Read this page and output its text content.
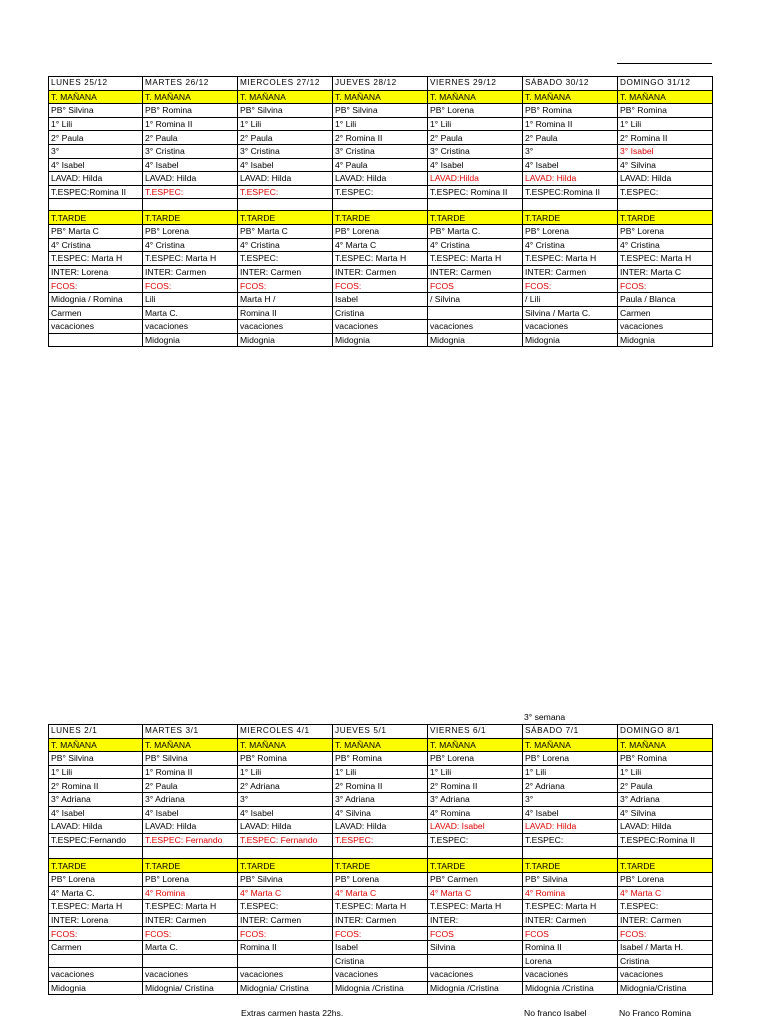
LUNES 25/12	MARTES 26/12	MIERCOLES 27/12	JUEVES 28/12	VIERNES 29/12	SÁBADO 30/12	DOMINGO 31/12
T. MAÑANA	T. MAÑANA	T. MAÑANA	T. MAÑANA	T. MAÑANA	T. MAÑANA	T. MAÑANA
PB° Silvina	PB° Romina	PB° Silvina	PB° Silvina	PB° Lorena	PB° Romina	PB° Romina
1° Lili	1° Romina II	1° Lili	1° Lili	1° Lili	1° Romina II	1° Lili
2° Paula	2° Paula	2° Paula	2° Romina II	2° Paula	2° Paula	2° Romina II
3°	3° Cristina	3° Cristina	3° Cristina	3° Cristina	3°	3° Isabel
4° Isabel	4° Isabel	4° Isabel	4° Paula	4° Isabel	4° Isabel	4° Silvina
LAVAD: Hilda	LAVAD: Hilda	LAVAD: Hilda	LAVAD: Hilda	LAVAD:Hilda	LAVAD: Hilda	LAVAD: Hilda
T.ESPEC:Romina II	T.ESPEC:	T.ESPEC:	T.ESPEC:	T.ESPEC: Romina II	T.ESPEC:Romina II	T.ESPEC:

T.TARDE	T.TARDE	T.TARDE	T.TARDE	T.TARDE	T.TARDE	T.TARDE
PB° Marta C	PB° Lorena	PB° Marta C	PB° Lorena	PB° Marta C.	PB° Lorena	PB° Lorena
4° Cristina	4° Cristina	4° Cristina	4° Marta C	4° Cristina	4° Cristina	4° Cristina
T.ESPEC: Marta H	T.ESPEC: Marta H	T.ESPEC:	T.ESPEC: Marta H	T.ESPEC: Marta H	T.ESPEC: Marta H	T.ESPEC: Marta H
INTER: Lorena	INTER: Carmen	INTER: Carmen	INTER: Carmen	INTER: Carmen	INTER: Carmen	INTER: Marta C
FCOS:	FCOS:	FCOS:	FCOS:	FCOS	FCOS:	FCOS:
Midognia / Romina	Lili	Marta H /	Isabel	/ Silvina	/ Lili	Paula / Blanca
Carmen	Marta C.	Romina II	Cristina		Silvina / Marta C.	Carmen
vacaciones	vacaciones	vacaciones	vacaciones	vacaciones	vacaciones	vacaciones
	Midognia	Midognia	Midognia	Midognia	Midognia	Midognia
3° semana
LUNES 2/1	MARTES 3/1	MIERCOLES 4/1	JUEVES 5/1	VIERNES 6/1	SÁBADO 7/1	DOMINGO 8/1
T. MAÑANA	T. MAÑANA	T. MAÑANA	T. MAÑANA	T. MAÑANA	T. MAÑANA	T. MAÑANA
PB° Silvina	PB° Silvina	PB° Romina	PB° Romina	PB° Lorena	PB° Lorena	PB° Romina
1° Lili	1° Romina II	1° Lili	1° Lili	1° Lili	1° Lili	1° Lili
2° Romina II	2° Paula	2° Adriana	2° Romina II	2° Romina II	2° Adriana	2° Paula
3° Adriana	3° Adriana	3°	3° Adriana	3° Adriana	3°	3° Adriana
4° Isabel	4° Isabel	4° Isabel	4° Silvina	4° Romina	4° Isabel	4° Silvina
LAVAD: Hilda	LAVAD: Hilda	LAVAD: Hilda	LAVAD: Hilda	LAVAD: Isabel	LAVAD: Hilda	LAVAD: Hilda
T.ESPEC:Fernando	T.ESPEC: Fernando	T.ESPEC: Fernando	T.ESPEC:	T.ESPEC:	T.ESPEC:	T.ESPEC:Romina II

T.TARDE	T.TARDE	T.TARDE	T.TARDE	T.TARDE	T.TARDE	T.TARDE
PB° Lorena	PB° Lorena	PB° Silvina	PB° Lorena	PB° Carmen	PB° Silvina	PB° Lorena
4° Marta C.	4° Romina	4° Marta C	4° Marta C	4° Marta C	4° Romina	4° Marta C
T.ESPEC: Marta H	T.ESPEC: Marta H	T.ESPEC:	T.ESPEC: Marta H	T.ESPEC: Marta H	T.ESPEC: Marta H	T.ESPEC:
INTER: Lorena	INTER: Carmen	INTER: Carmen	INTER: Carmen	INTER:	INTER: Carmen	INTER: Carmen
FCOS:	FCOS:	FCOS:	FCOS:	FCOS	FCOS	FCOS:
Carmen	Marta C.	Romina II	Isabel	Silvina	Romina II	Isabel / Marta H.
			Cristina		Lorena	Cristina
vacaciones	vacaciones	vacaciones	vacaciones	vacaciones	vacaciones	vacaciones
Midognia	Midognia/ Cristina	Midognia/ Cristina	Midognia /Cristina	Midognia /Cristina	Midognia /Cristina	Midognia/Cristina
Extras carmen hasta 22hs.	No franco Isabel	No Franco Romina
